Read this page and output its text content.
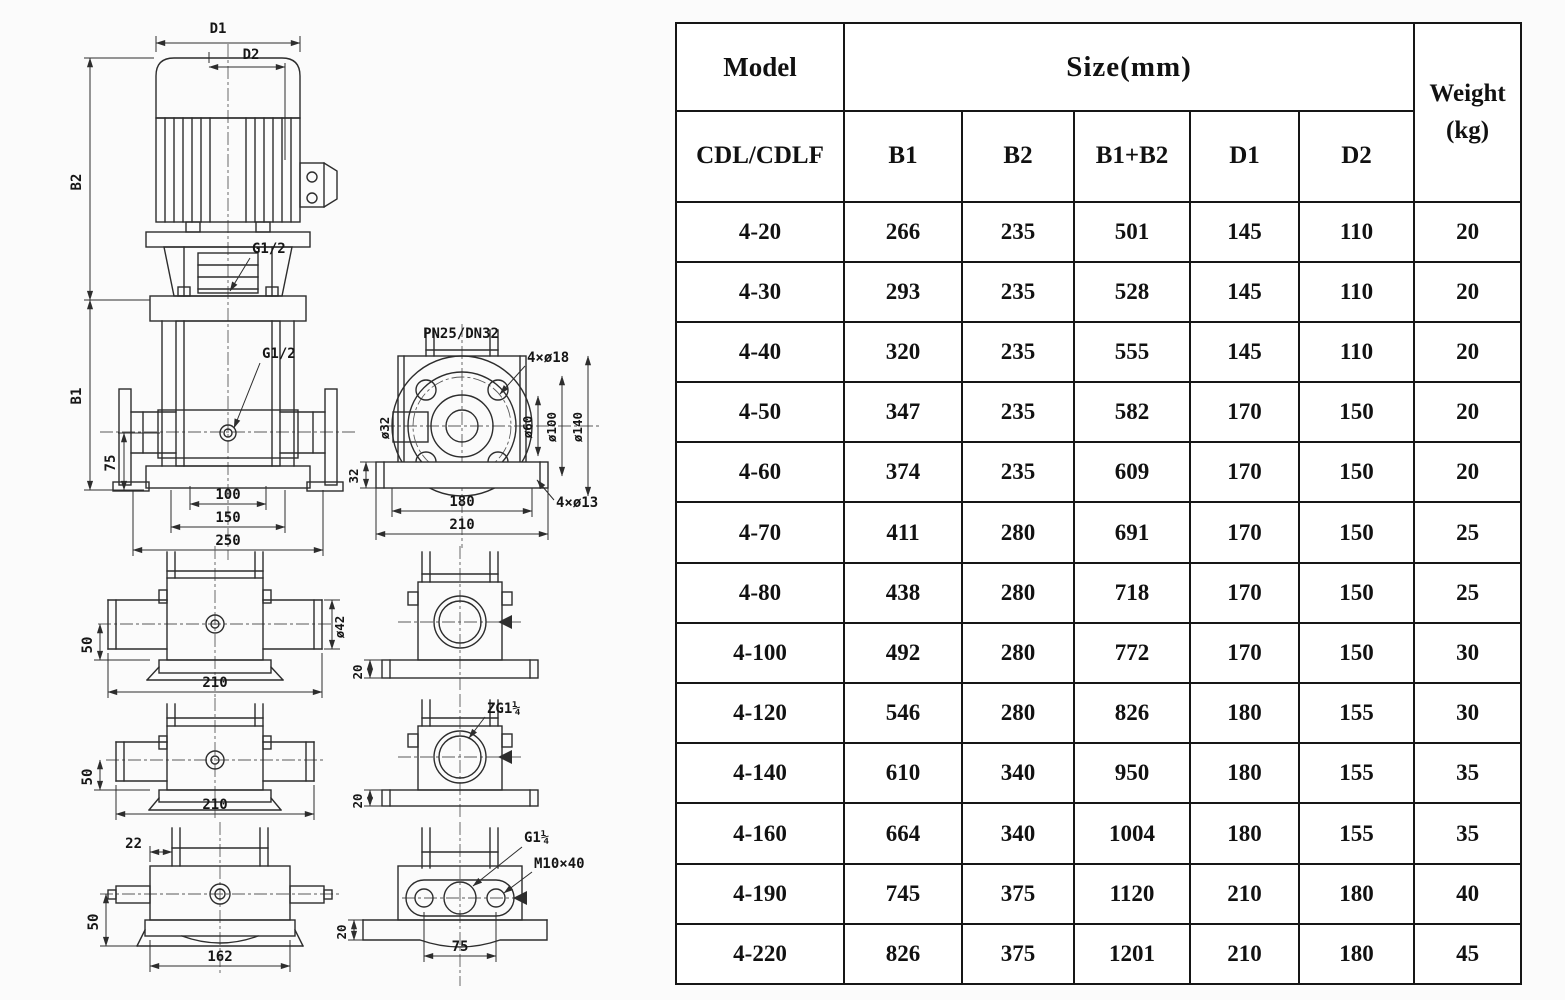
D1
D2
B2
B1
75
100
150
250
G1/2
G1/2
PN25/DN32
4×ø18
ø32	ø60 ø100 ø140
32
180
210
4×ø13
50
ø42
210
50
210
22
50
162
20
ZG1¼
20
G1¼
M10×40
20
75
Model	Size(mm)					Weight
(kg)

CDL/CDLF	B1	B2	B1+B2	D1	D2	
4-20	266	235	501	145	110	20
4-30	293	235	528	145	110	20
4-40	320	235	555	145	110	20
4-50	347	235	582	170	150	20
4-60	374	235	609	170	150	20
4-70	411	280	691	170	150	25
4-80	438	280	718	170	150	25
4-100	492	280	772	170	150	30
4-120	546	280	826	180	155	30
4-140	610	340	950	180	155	35
4-160	664	340	1004	180	155	35
4-190	745	375	1120	210	180	40
4-220	826	375	1201	210	180	45
